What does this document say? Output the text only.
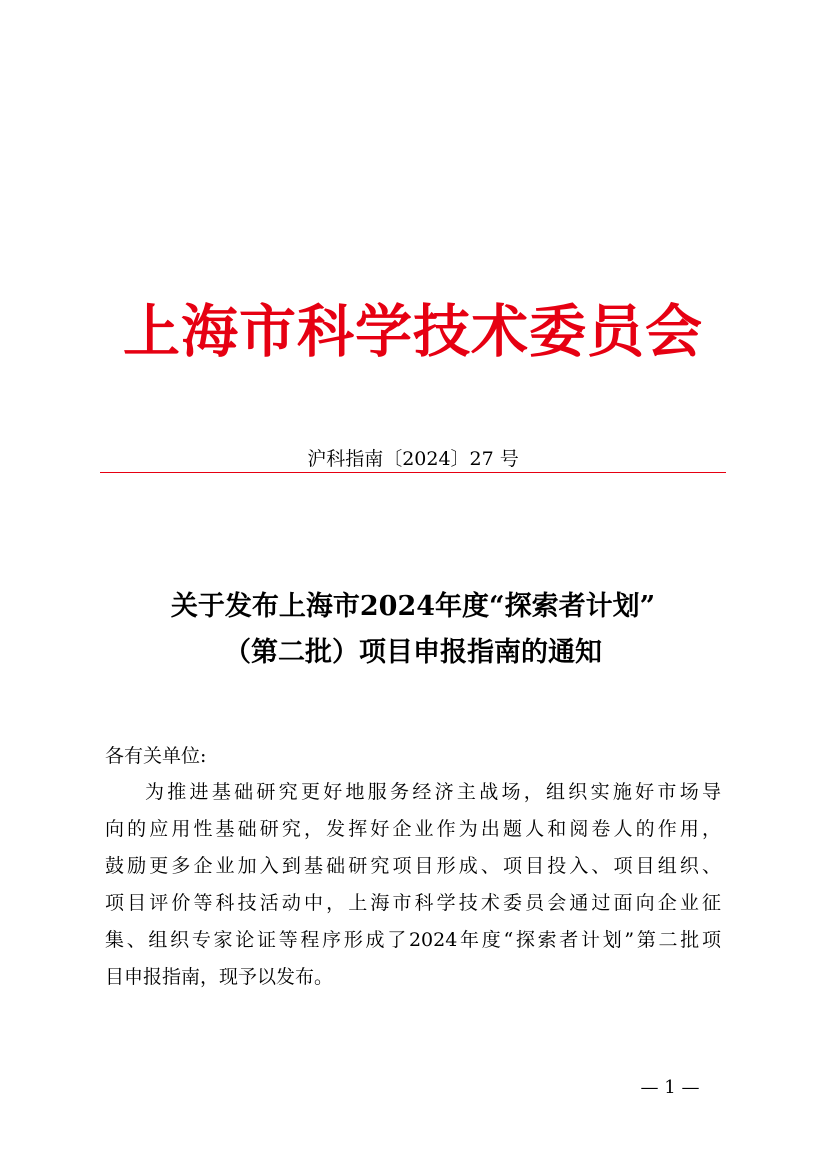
上海市科学技术委员会
沪科指南〔2024〕27 号
关于发布上海市2024年度“探索者计划”
（第二批）项目申报指南的通知
各有关单位:
为推进基础研究更好地服务经济主战场，组织实施好市场导
向的应用性基础研究，发挥好企业作为出题人和阅卷人的作用，
鼓励更多企业加入到基础研究项目形成、项目投入、项目组织、
项目评价等科技活动中，上海市科学技术委员会通过面向企业征
集、组织专家论证等程序形成了2024年度“探索者计划”第二批项
目申报指南，现予以发布。
— 1 —
